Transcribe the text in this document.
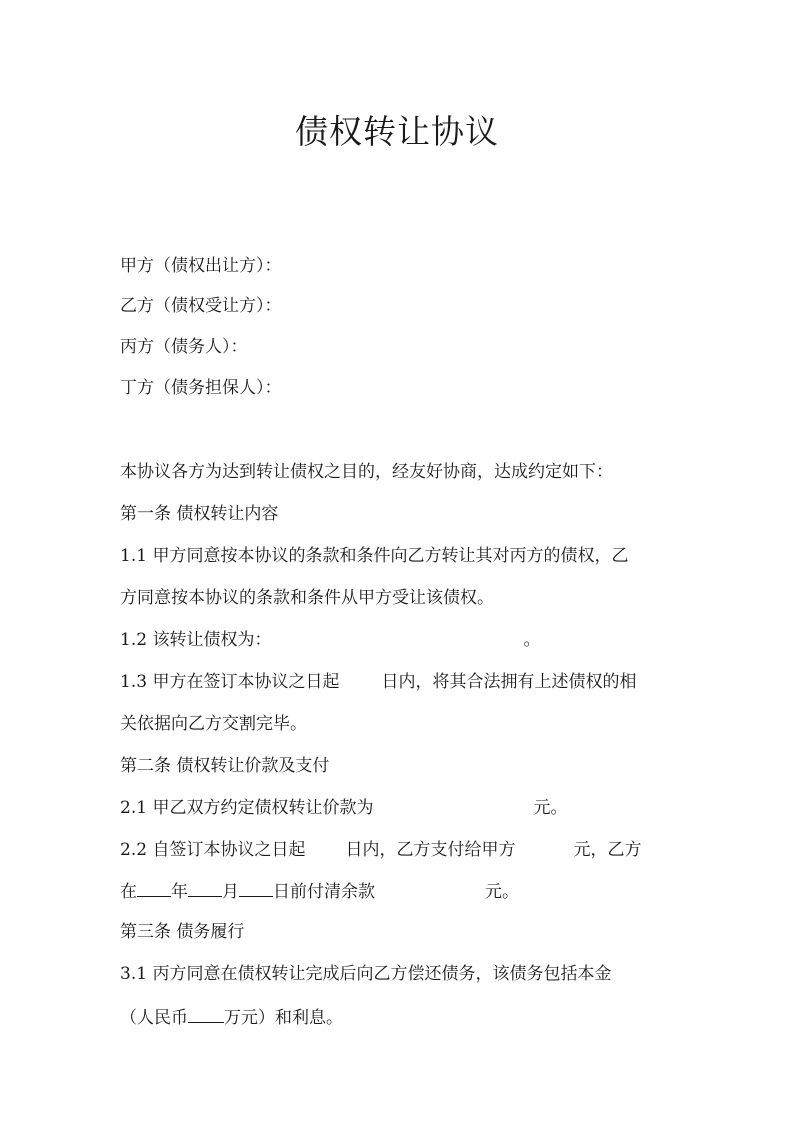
债权转让协议
甲方（债权出让方）：
乙方（债权受让方）：
丙方（债务人）：
丁方（债务担保人）：
本协议各方为达到转让债权之目的，经友好协商，达成约定如下：
第一条 债权转让内容
1.1 甲方同意按本协议的条款和条件向乙方转让其对丙方的债权，乙
方同意按本协议的条款和条件从甲方受让该债权。
1.2 该转让债权为：	。
1.3 甲方在签订本协议之日起 日内，将其合法拥有上述债权的相
关依据向乙方交割完毕。
第二条 债权转让价款及支付
2.1 甲乙双方约定债权转让价款为	元。
2.2 自签订本协议之日起 日内，乙方支付给甲方	元，乙方
在 年 月 日前付清余款	元。
第三条 债务履行
3.1 丙方同意在债权转让完成后向乙方偿还债务，该债务包括本金
（人民币 万元）和利息。
